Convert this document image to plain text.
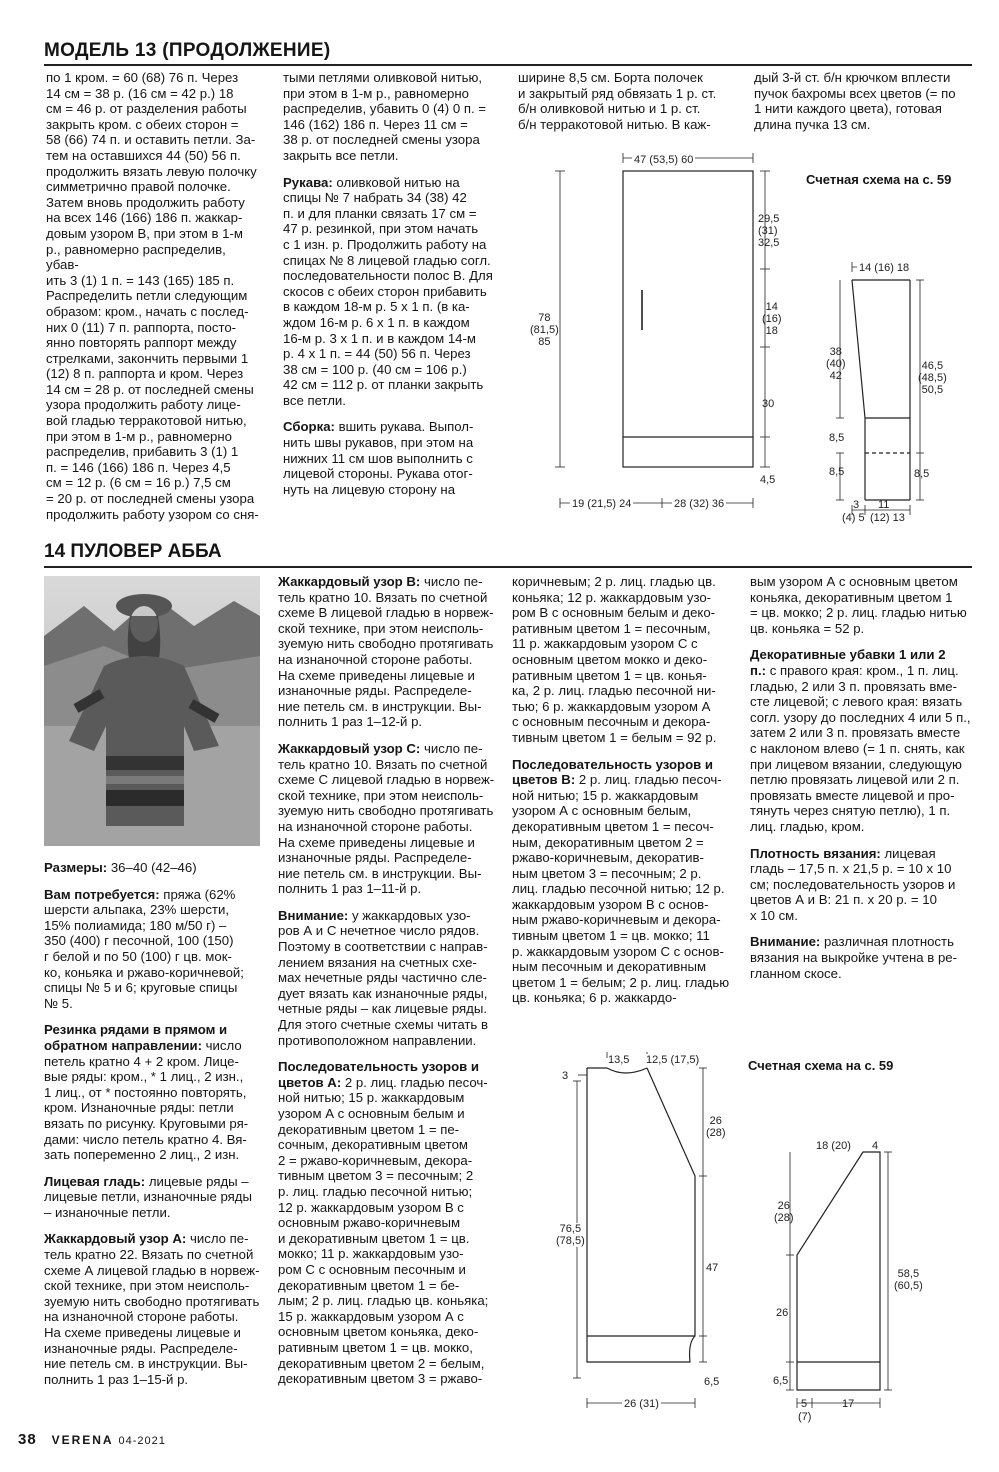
МОДЕЛЬ 13 (ПРОДОЛЖЕНИЕ)

по 1 кром. = 60 (68) 76 п. Через
14 см = 38 р. (16 см = 42 р.) 18
см = 46 р. от разделения работы
закрыть кром. с обеих сторон =
58 (66) 74 п. и оставить петли. За-
тем на оставшихся 44 (50) 56 п.
продолжить вязать левую полочку
симметрично правой полочке.
Затем вновь продолжить работу
на всех 146 (166) 186 п. жаккар-
довым узором В, при этом в 1-м
р., равномерно распределив, убав-
ить 3 (1) 1 п. = 143 (165) 185 п.
Распределить петли следующим
образом: кром., начать с послед-
них 0 (11) 7 п. раппорта, посто-
янно повторять раппорт между
стрелками, закончить первыми 1
(12) 8 п. раппорта и кром. Через
14 см = 28 р. от последней смены
узора продолжить работу лице-
вой гладью терракотовой нитью,
при этом в 1-м р., равномерно
распределив, прибавить 3 (1) 1
п. = 146 (166) 186 п. Через 4,5
см = 12 р. (6 см = 16 р.) 7,5 см
= 20 р. от последней смены узора
продолжить работу узором со сня-

тыми петлями оливковой нитью,
при этом в 1-м р., равномерно
распределив, убавить 0 (4) 0 п. =
146 (162) 186 п. Через 11 см =
38 р. от последней смены узора
закрыть все петли.

Рукава: оливковой нитью на
спицы № 7 набрать 34 (38) 42
п. и для планки связать 17 см =
47 р. резинкой, при этом начать
с 1 изн. р. Продолжить работу на
спицах № 8 лицевой гладью согл.
последовательности полос В. Для
скосов с обеих сторон прибавить
в каждом 18-м р. 5 х 1 п. (в ка-
ждом 16-м р. 6 х 1 п. в каждом
16-м р. 3 х 1 п. и в каждом 14-м
р. 4 х 1 п. = 44 (50) 56 п. Через
38 см = 100 р. (40 см = 106 р.)
42 см = 112 р. от планки закрыть
все петли.

Сборка: вшить рукава. Выпол-
нить швы рукавов, при этом на
нижних 11 см шов выполнить с
лицевой стороны. Рукава отог-
нуть на лицевую сторону на

ширине 8,5 см. Борта полочек
и закрытый ряд обвязать 1 р. ст.
б/н оливковой нитью и 1 р. ст.
б/н терракотовой нитью. В каж-

дый 3-й ст. б/н крючком вплести
пучок бахромы всех цветов (= по
1 нити каждого цвета), готовая
длина пучка 13 см.

Счетная схема на с. 59
47 (53,5) 60
29,5
(31)
32,5
14
(16)
18
30
4,5
78
(81,5)
85
19 (21,5) 24	28 (32) 36
14 (16) 18
38
(40)
42
46,5
(48,5)
50,5
8,5
8,5	8,5
3
(4) 5
11
(12) 13
14 ПУЛОВЕР АББА

Размеры: 36–40 (42–46)

Вам потребуется: пряжа (62%
шерсти альпака, 23% шерсти,
15% полиамида; 180 м/50 г) –
350 (400) г песочной, 100 (150)
г белой и по 50 (100) г цв. мок-
ко, коньяка и ржаво-коричневой;
спицы № 5 и 6; круговые спицы
№ 5.

Резинка рядами в прямом и
обратном направлении: число
петель кратно 4 + 2 кром. Лице-
вые ряды: кром., * 1 лиц., 2 изн.,
1 лиц., от * постоянно повторять,
кром. Изнаночные ряды: петли
вязать по рисунку. Круговыми ря-
дами: число петель кратно 4. Вя-
зать попеременно 2 лиц., 2 изн.

Лицевая гладь: лицевые ряды –
лицевые петли, изнаночные ряды
– изнаночные петли.

Жаккардовый узор А: число пе-
тель кратно 22. Вязать по счетной
схеме А лицевой гладью в норвеж-
ской технике, при этом неисполь-
зуемую нить свободно протягивать
на изнаночной стороне работы.
На схеме приведены лицевые и
изнаночные ряды. Распределе-
ние петель см. в инструкции. Вы-
полнить 1 раз 1–15-й р.

Жаккардовый узор В: число пе-
тель кратно 10. Вязать по счетной
схеме В лицевой гладью в норвеж-
ской технике, при этом неисполь-
зуемую нить свободно протягивать
на изнаночной стороне работы.
На схеме приведены лицевые и
изнаночные ряды. Распределе-
ние петель см. в инструкции. Вы-
полнить 1 раз 1–12-й р.

Жаккардовый узор С: число пе-
тель кратно 10. Вязать по счетной
схеме С лицевой гладью в норвеж-
ской технике, при этом неисполь-
зуемую нить свободно протягивать
на изнаночной стороне работы.
На схеме приведены лицевые и
изнаночные ряды. Распределе-
ние петель см. в инструкции. Вы-
полнить 1 раз 1–11-й р.

Внимание: у жаккардовых узо-
ров А и С нечетное число рядов.
Поэтому в соответствии с направ-
лением вязания на счетных схе-
мах нечетные ряды частично сле-
дует вязать как изнаночные ряды,
четные ряды – как лицевые ряды.
Для этого счетные схемы читать в
противоположном направлении.

Последовательность узоров и
цветов А: 2 р. лиц. гладью песоч-
ной нитью; 15 р. жаккардовым
узором А с основным белым и
декоративным цветом 1 = пе-
сочным, декоративным цветом
2 = ржаво-коричневым, декора-
тивным цветом 3 = песочным; 2
р. лиц. гладью песочной нитью;
12 р. жаккардовым узором В с
основным ржаво-коричневым
и декоративным цветом 1 = цв.
мокко; 11 р. жаккардовым узо-
ром С с основным песочным и
декоративным цветом 1 = бе-
лым; 2 р. лиц. гладью цв. коньяка;
15 р. жаккардовым узором А с
основным цветом коньяка, деко-
ративным цветом 1 = цв. мокко,
декоративным цветом 2 = белым,
декоративным цветом 3 = ржаво-

коричневым; 2 р. лиц. гладью цв.
коньяка; 12 р. жаккардовым узо-
ром В с основным белым и деко-
ративным цветом 1 = песочным,
11 р. жаккардовым узором С с
основным цветом мокко и деко-
ративным цветом 1 = цв. конья-
ка, 2 р. лиц. гладью песочной ни-
тью; 6 р. жаккардовым узором А
с основным песочным и декора-
тивным цветом 1 = белым = 92 р.

Последовательность узоров и
цветов В: 2 р. лиц. гладью песоч-
ной нитью; 15 р. жаккардовым
узором А с основным белым,
декоративным цветом 1 = песоч-
ным, декоративным цветом 2 =
ржаво-коричневым, декоратив-
ным цветом 3 = песочным; 2 р.
лиц. гладью песочной нитью; 12 р.
жаккардовым узором В с основ-
ным ржаво-коричневым и декора-
тивным цветом 1 = цв. мокко; 11
р. жаккардовым узором С с основ-
ным песочным и декоративным
цветом 1 = белым; 2 р. лиц. гладью
цв. коньяка; 6 р. жаккардо-

вым узором А с основным цветом
коньяка, декоративным цветом 1
= цв. мокко; 2 р. лиц. гладью нитью
цв. коньяка = 52 р.

Декоративные убавки 1 или 2
п.: с правого края: кром., 1 п. лиц.
гладью, 2 или 3 п. провязать вме-
сте лицевой; с левого края: вязать
согл. узору до последних 4 или 5 п.,
затем 2 или 3 п. провязать вместе
с наклоном влево (= 1 п. снять, как
при лицевом вязании, следующую
петлю провязать лицевой или 2 п.
провязать вместе лицевой и про-
тянуть через снятую петлю), 1 п.
лиц. гладью, кром.

Плотность вязания: лицевая
гладь – 17,5 п. х 21,5 р. = 10 х 10
см; последовательность узоров и
цветов А и В: 21 п. х 20 р. = 10
х 10 см.

Внимание: различная плотность
вязания на выкройке учтена в ре-
гланном скосе.

Счетная схема на с. 59
3
13,5 12,5 (17,5)
26
(28)
47
6,5
76,5
(78,5)
26 (31)
18 (20) 4
26
(28)
26
6,5
58,5
(60,5)
5
(7)
17
38 VERENA 04-2021
